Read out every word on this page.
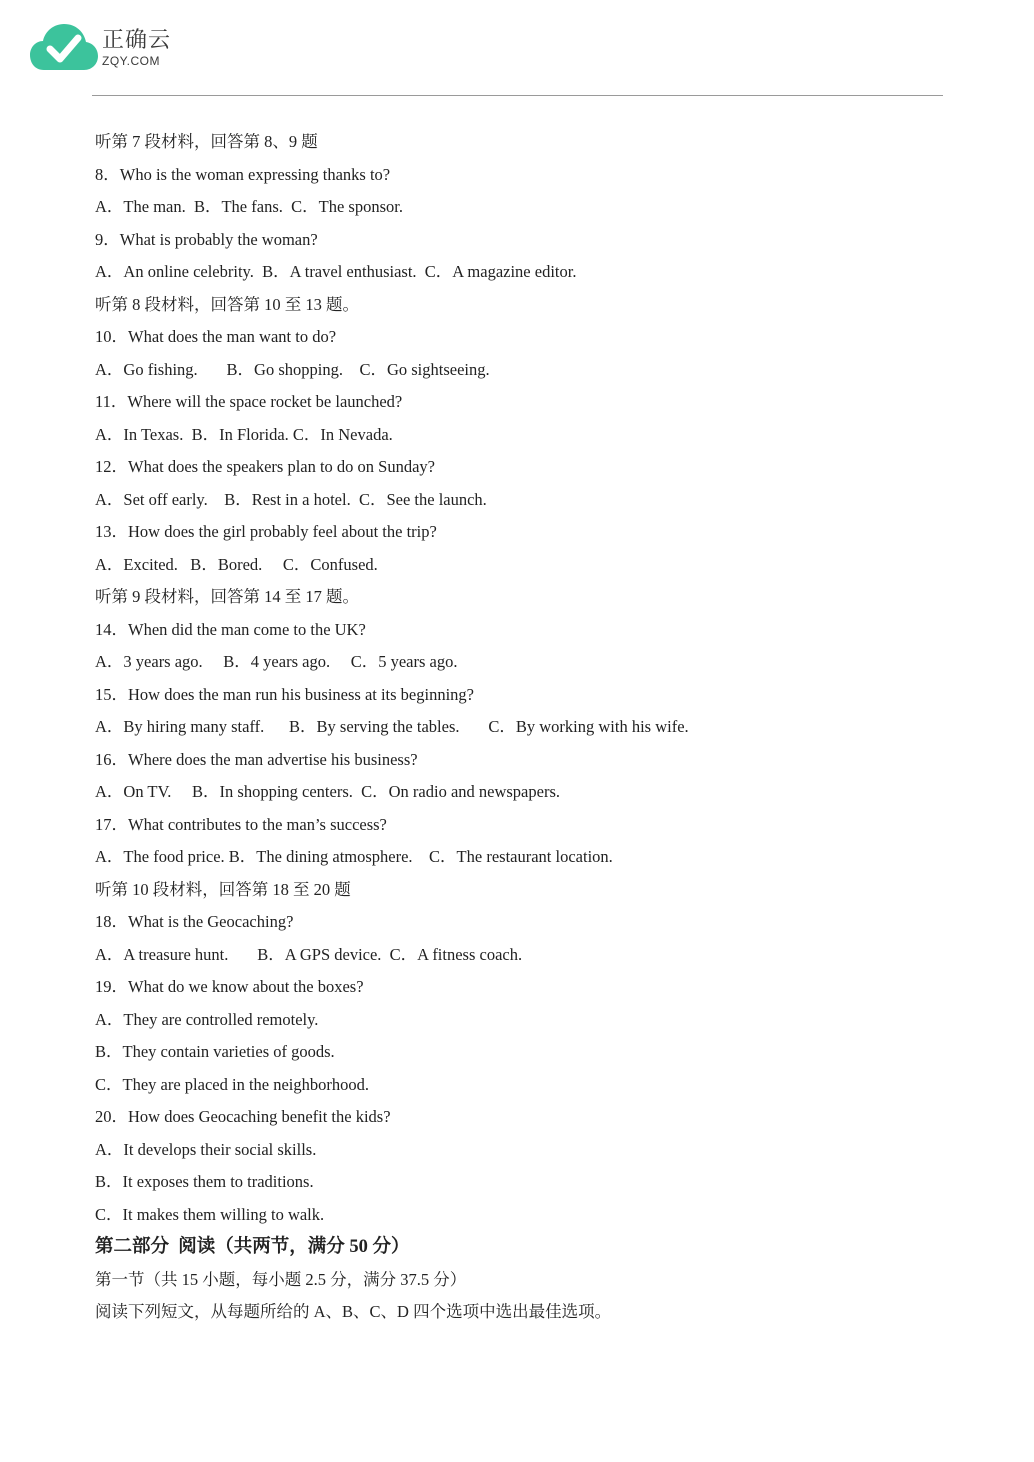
正确云
ZQY.COM
听第 7 段材料，回答第 8、9 题
8．Who is the woman expressing thanks to?
A．The man.  B．The fans.  C．The sponsor.
9．What is probably the woman?
A．An online celebrity.  B．A travel enthusiast.  C．A magazine editor.
听第 8 段材料，回答第 10 至 13 题。
10．What does the man want to do?
A．Go fishing.       B．Go shopping.    C．Go sightseeing.
11．Where will the space rocket be launched?
A．In Texas.  B．In Florida. C．In Nevada.
12．What does the speakers plan to do on Sunday?
A．Set off early.    B．Rest in a hotel.  C．See the launch.
13．How does the girl probably feel about the trip?
A．Excited.   B．Bored.     C．Confused.
听第 9 段材料，回答第 14 至 17 题。
14．When did the man come to the UK?
A．3 years ago.     B．4 years ago.     C．5 years ago.
15．How does the man run his business at its beginning?
A．By hiring many staff.      B．By serving the tables.       C．By working with his wife.
16．Where does the man advertise his business?
A．On TV.     B．In shopping centers.  C．On radio and newspapers.
17．What contributes to the man’s success?
A．The food price. B．The dining atmosphere.    C．The restaurant location.
听第 10 段材料，回答第 18 至 20 题
18．What is the Geocaching?
A．A treasure hunt.       B．A GPS device.  C．A fitness coach.
19．What do we know about the boxes?
A．They are controlled remotely.
B．They contain varieties of goods.
C．They are placed in the neighborhood.
20．How does Geocaching benefit the kids?
A．It develops their social skills.
B．It exposes them to traditions.
C．It makes them willing to walk.
第二部分  阅读（共两节，满分 50 分）
第一节（共 15 小题，每小题 2.5 分，满分 37.5 分）
阅读下列短文，从每题所给的 A、B、C、D 四个选项中选出最佳选项。
